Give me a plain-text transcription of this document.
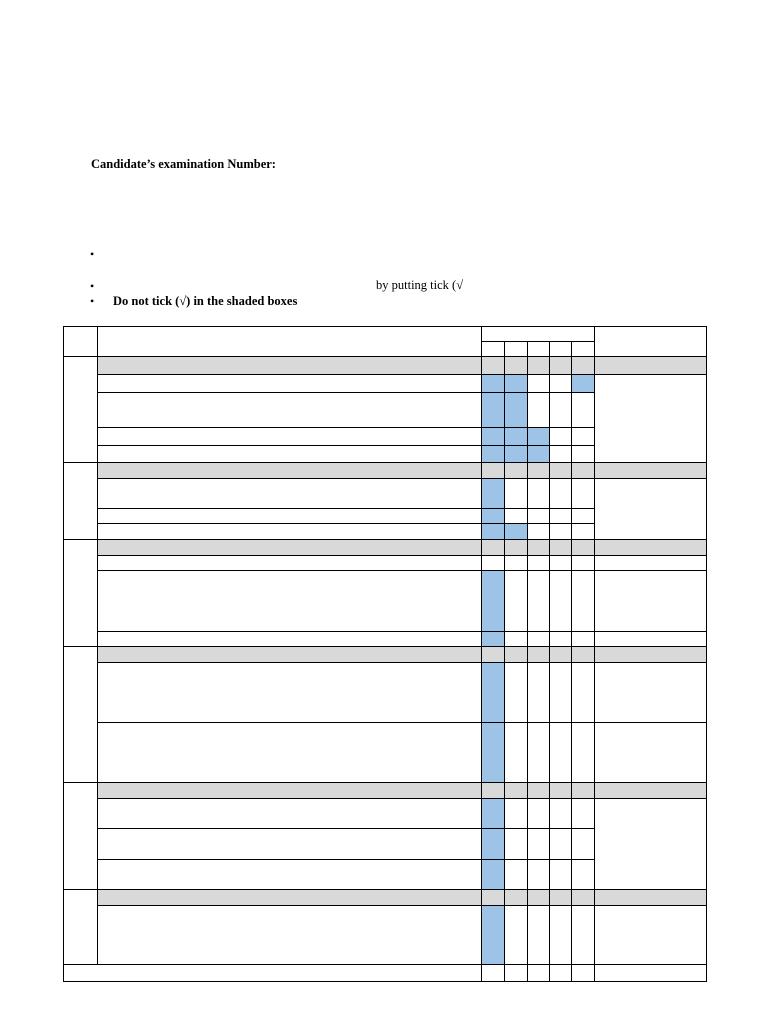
Candidate’s examination Number:
•
•
•
by putting tick (√
Do not tick (√) in the shaded boxes
